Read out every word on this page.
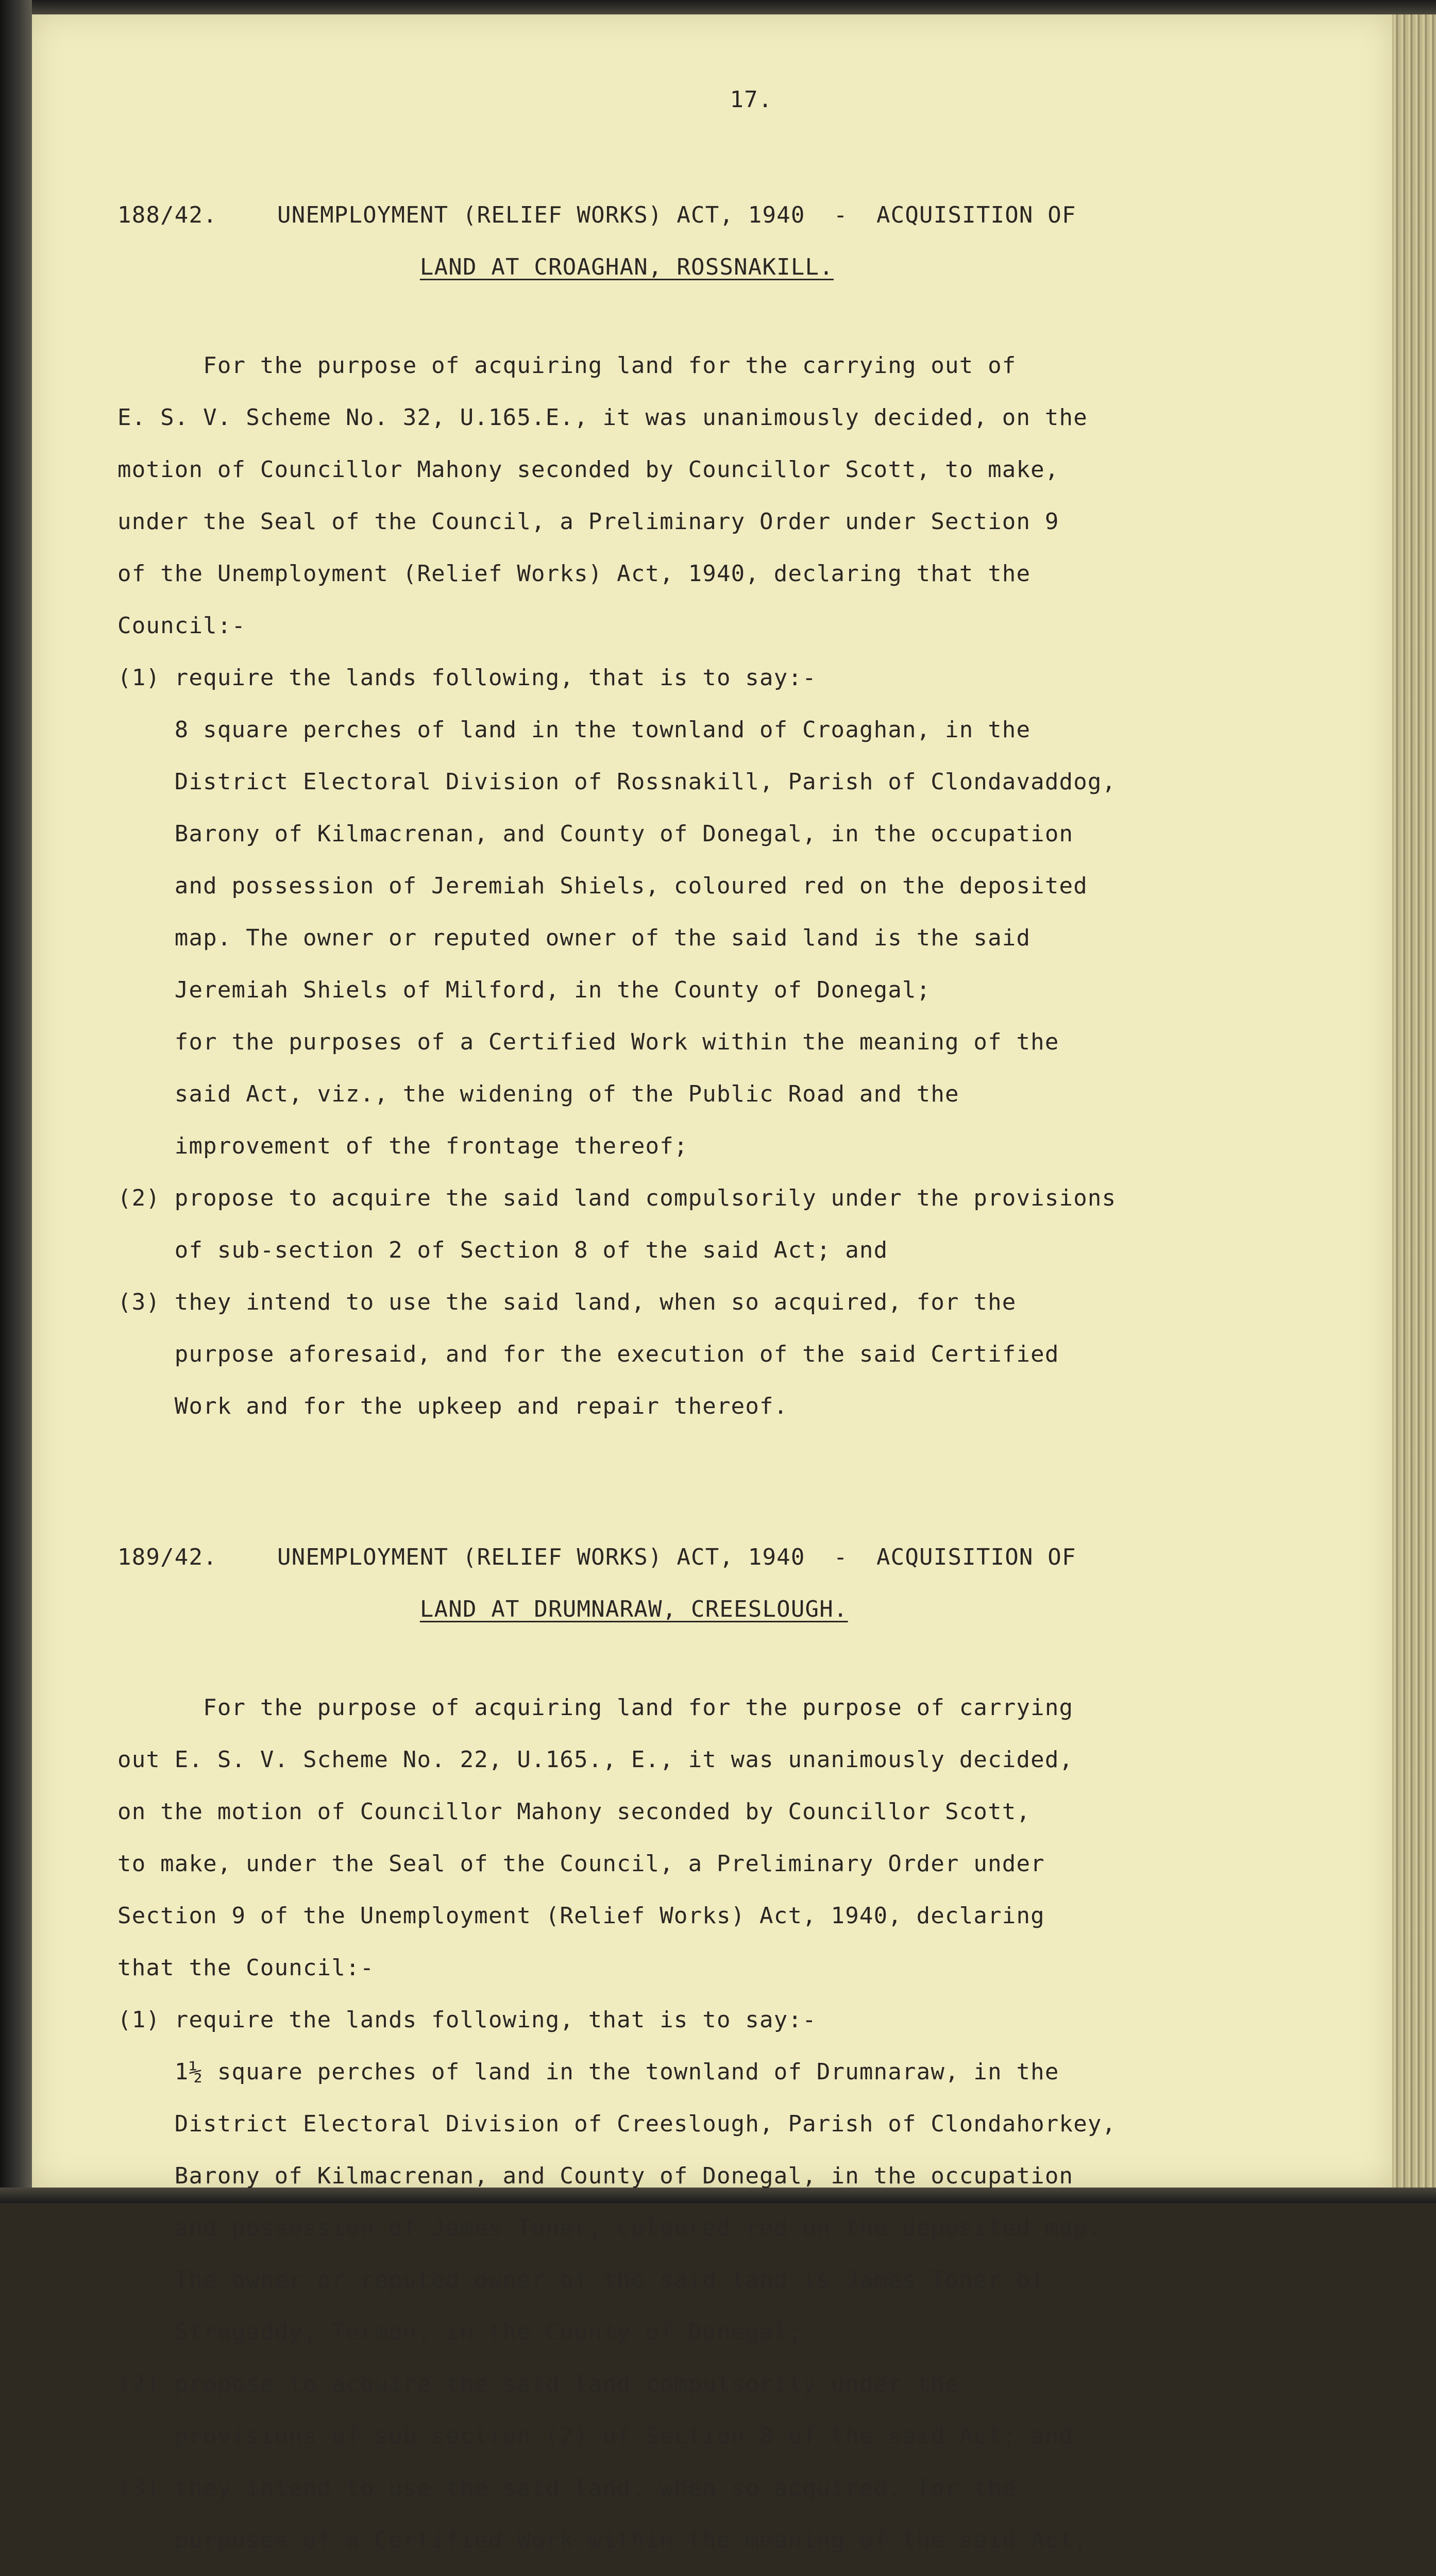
17.

188/42.	UNEMPLOYMENT (RELIEF WORKS) ACT, 1940  -  ACQUISITION OF

LAND AT CROAGHAN, ROSSNAKILL.

For the purpose of acquiring land for the carrying out of

E. S. V. Scheme No. 32, U.165.E., it was unanimously decided, on the

motion of Councillor Mahony seconded by Councillor Scott, to make,

under the Seal of the Council, a Preliminary Order under Section 9

of the Unemployment (Relief Works) Act, 1940, declaring that the

Council:-

(1) require the lands following, that is to say:-

8 square perches of land in the townland of Croaghan, in the

District Electoral Division of Rossnakill, Parish of Clondavaddog,

Barony of Kilmacrenan, and County of Donegal, in the occupation

and possession of Jeremiah Shiels, coloured red on the deposited

map. The owner or reputed owner of the said land is the said

Jeremiah Shiels of Milford, in the County of Donegal;

for the purposes of a Certified Work within the meaning of the

said Act, viz., the widening of the Public Road and the

improvement of the frontage thereof;

(2) propose to acquire the said land compulsorily under the provisions

of sub-section 2 of Section 8 of the said Act; and

(3) they intend to use the said land, when so acquired, for the

purpose aforesaid, and for the execution of the said Certified

Work and for the upkeep and repair thereof.

189/42.	UNEMPLOYMENT (RELIEF WORKS) ACT, 1940  -  ACQUISITION OF

LAND AT DRUMNARAW, CREESLOUGH.

For the purpose of acquiring land for the purpose of carrying

out E. S. V. Scheme No. 22, U.165., E., it was unanimously decided,

on the motion of Councillor Mahony seconded by Councillor Scott,

to make, under the Seal of the Council, a Preliminary Order under

Section 9 of the Unemployment (Relief Works) Act, 1940, declaring

that the Council:-

(1) require the lands following, that is to say:-

1½ square perches of land in the townland of Drumnaraw, in the

District Electoral Division of Creeslough, Parish of Clondahorkey,

Barony of Kilmacrenan, and County of Donegal, in the occupation

and possession of James Toner, coloured red on the deposited map.

The owner or reputed owner of the said land is James Toner of

Stragaddy, Termon, in the County of Donegal;

(2) propose to acquire the said land compulsorily under the

provisions of sub-section (2) of Section 8 of the said Act; and

(3) they intend to use the said land, when so acquired, for the

purposes of a Certified Work within the meaning of the said Act,
